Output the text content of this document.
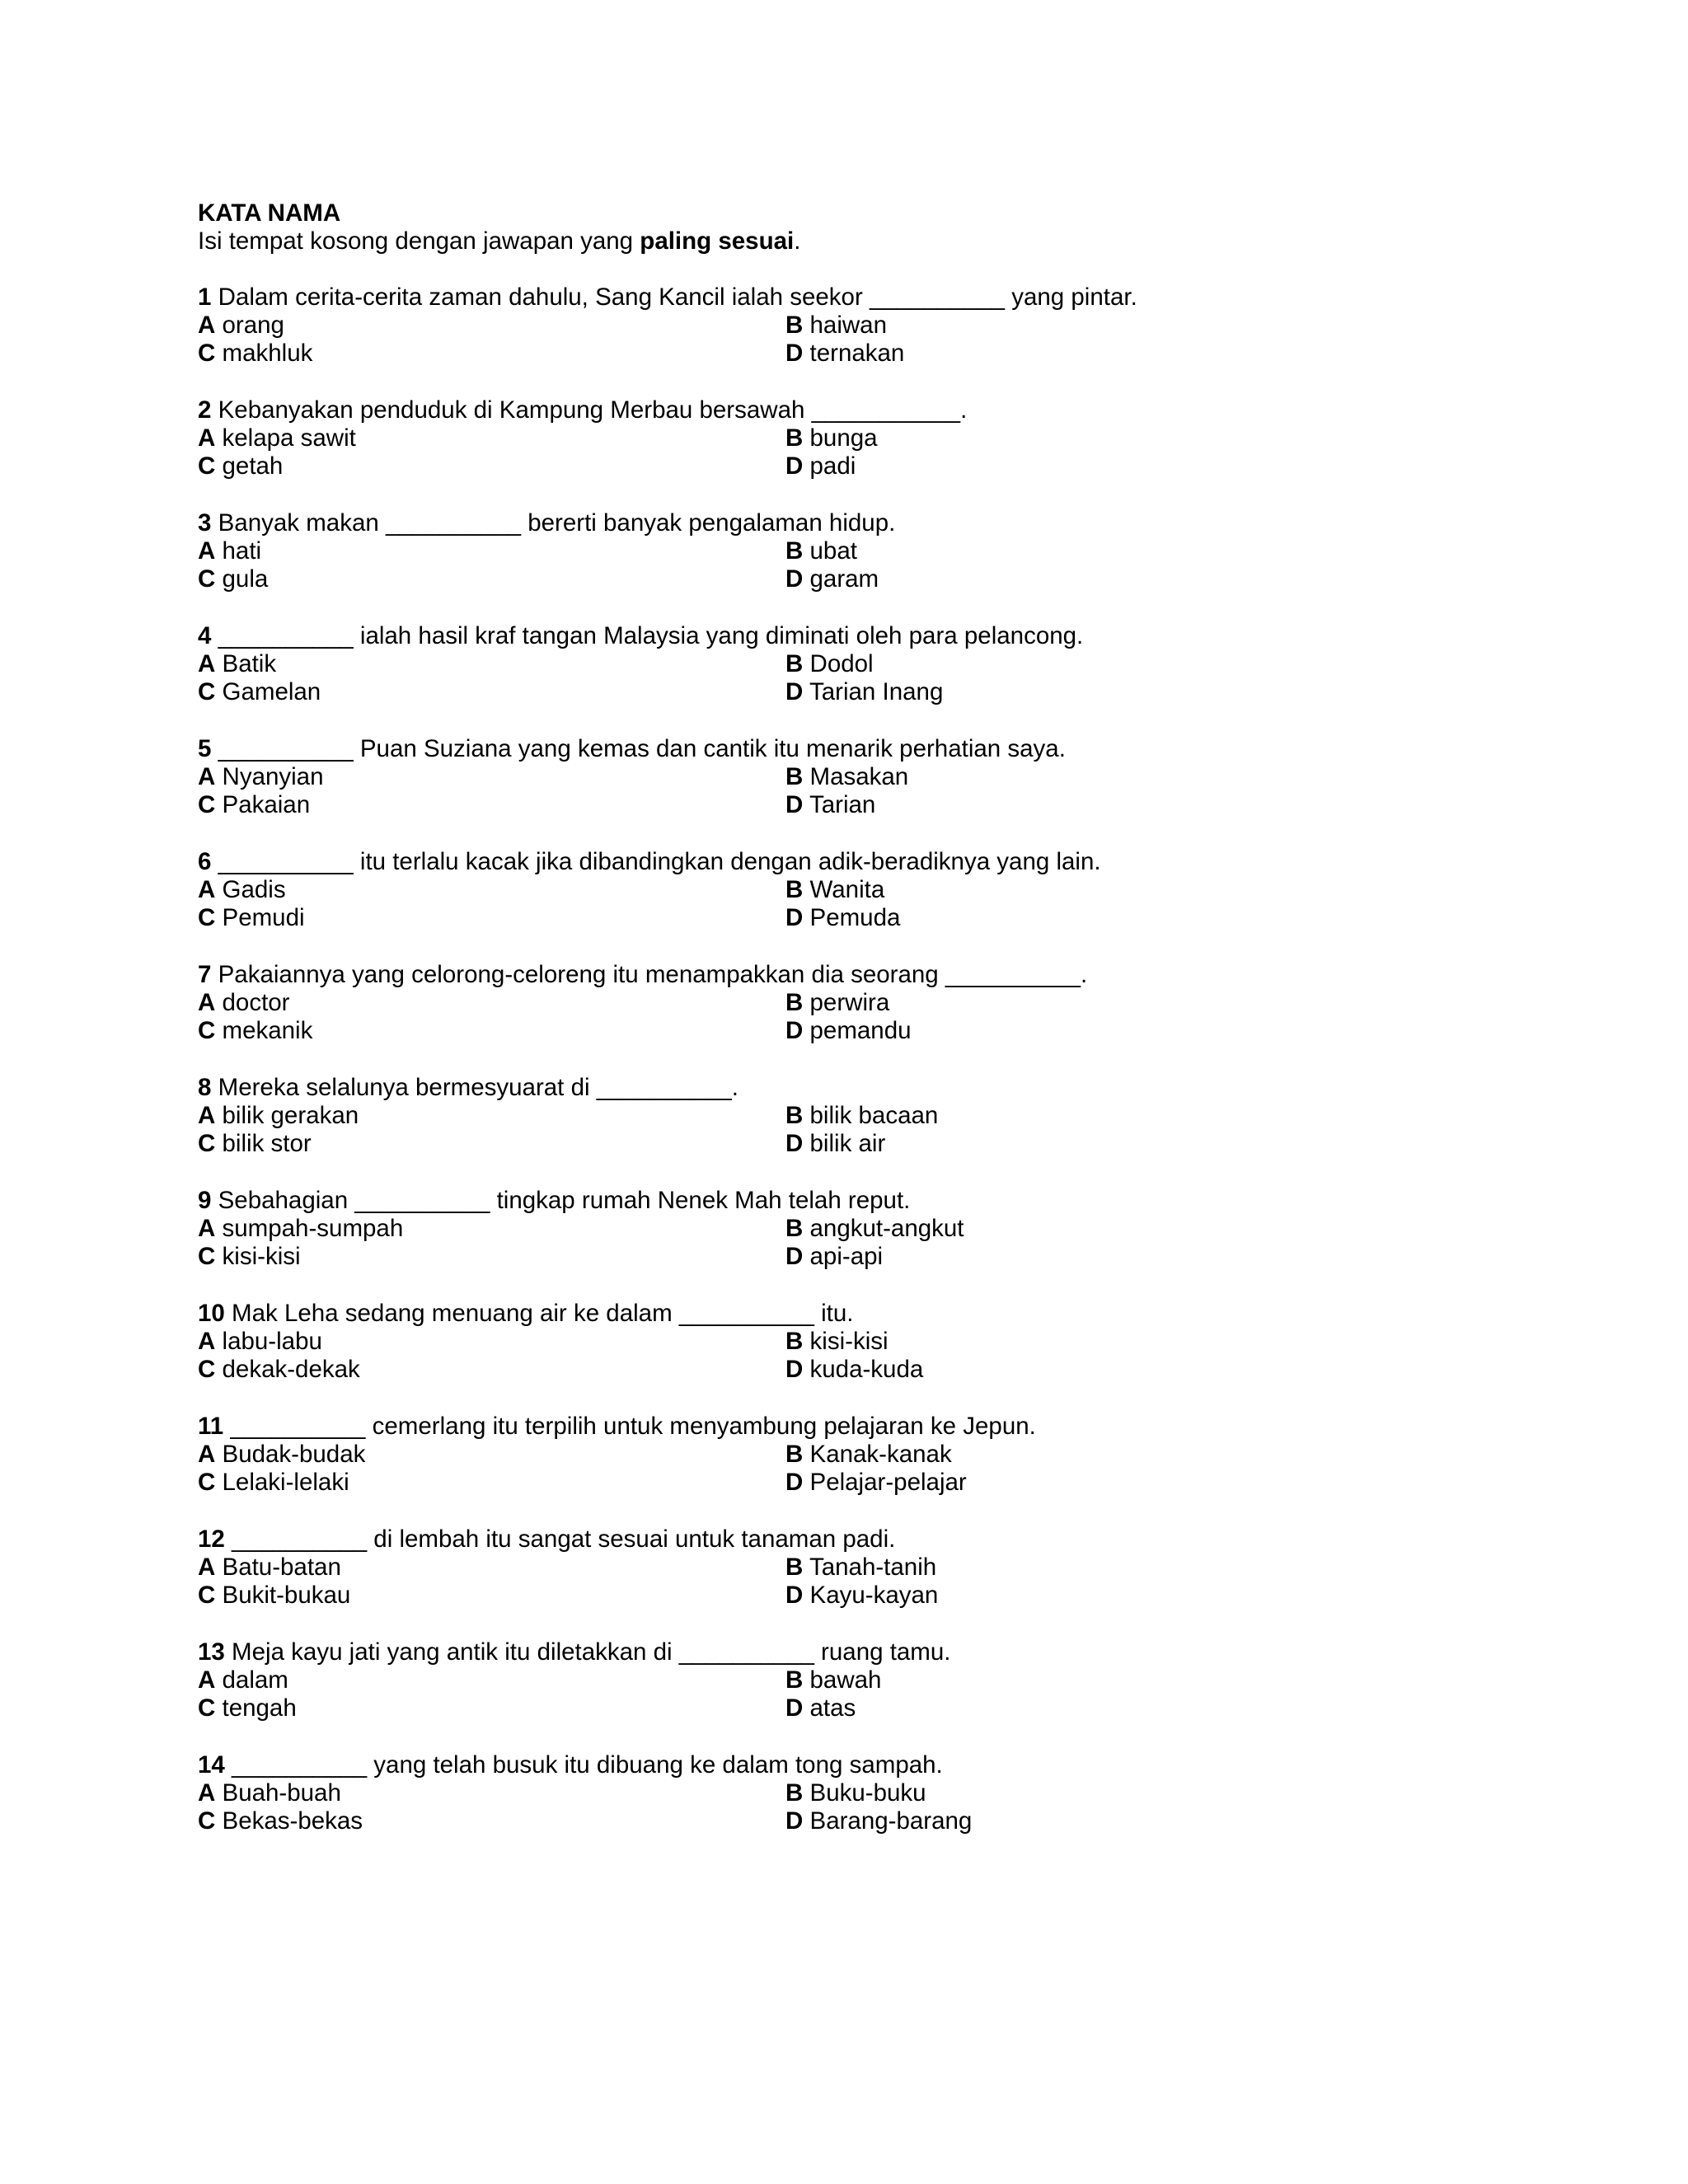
KATA NAMA
Isi tempat kosong dengan jawapan yang paling sesuai.
1 Dalam cerita-cerita zaman dahulu, Sang Kancil ialah seekor __________ yang pintar.
A orang	B haiwan
C makhluk	D ternakan
2 Kebanyakan penduduk di Kampung Merbau bersawah ___________.
A kelapa sawit	B bunga
C getah	D padi
3 Banyak makan __________ bererti banyak pengalaman hidup.
A hati	B ubat
C gula	D garam
4 __________ ialah hasil kraf tangan Malaysia yang diminati oleh para pelancong.
A Batik	B Dodol
C Gamelan	D Tarian Inang
5 __________ Puan Suziana yang kemas dan cantik itu menarik perhatian saya.
A Nyanyian	B Masakan
C Pakaian	D Tarian
6 __________ itu terlalu kacak jika dibandingkan dengan adik-beradiknya yang lain.
A Gadis	B Wanita
C Pemudi	D Pemuda
7 Pakaiannya yang celorong-celoreng itu menampakkan dia seorang __________.
A doctor	B perwira
C mekanik	D pemandu
8 Mereka selalunya bermesyuarat di __________.
A bilik gerakan	B bilik bacaan
C bilik stor	D bilik air
9 Sebahagian __________ tingkap rumah Nenek Mah telah reput.
A sumpah-sumpah	B angkut-angkut
C kisi-kisi	D api-api
10 Mak Leha sedang menuang air ke dalam __________ itu.
A labu-labu	B kisi-kisi
C dekak-dekak	D kuda-kuda
11 __________ cemerlang itu terpilih untuk menyambung pelajaran ke Jepun.
A Budak-budak	B Kanak-kanak
C Lelaki-lelaki	D Pelajar-pelajar
12 __________ di lembah itu sangat sesuai untuk tanaman padi.
A Batu-batan	B Tanah-tanih
C Bukit-bukau	D Kayu-kayan
13 Meja kayu jati yang antik itu diletakkan di __________ ruang tamu.
A dalam	B bawah
C tengah	D atas
14 __________ yang telah busuk itu dibuang ke dalam tong sampah.
A Buah-buah	B Buku-buku
C Bekas-bekas	D Barang-barang
